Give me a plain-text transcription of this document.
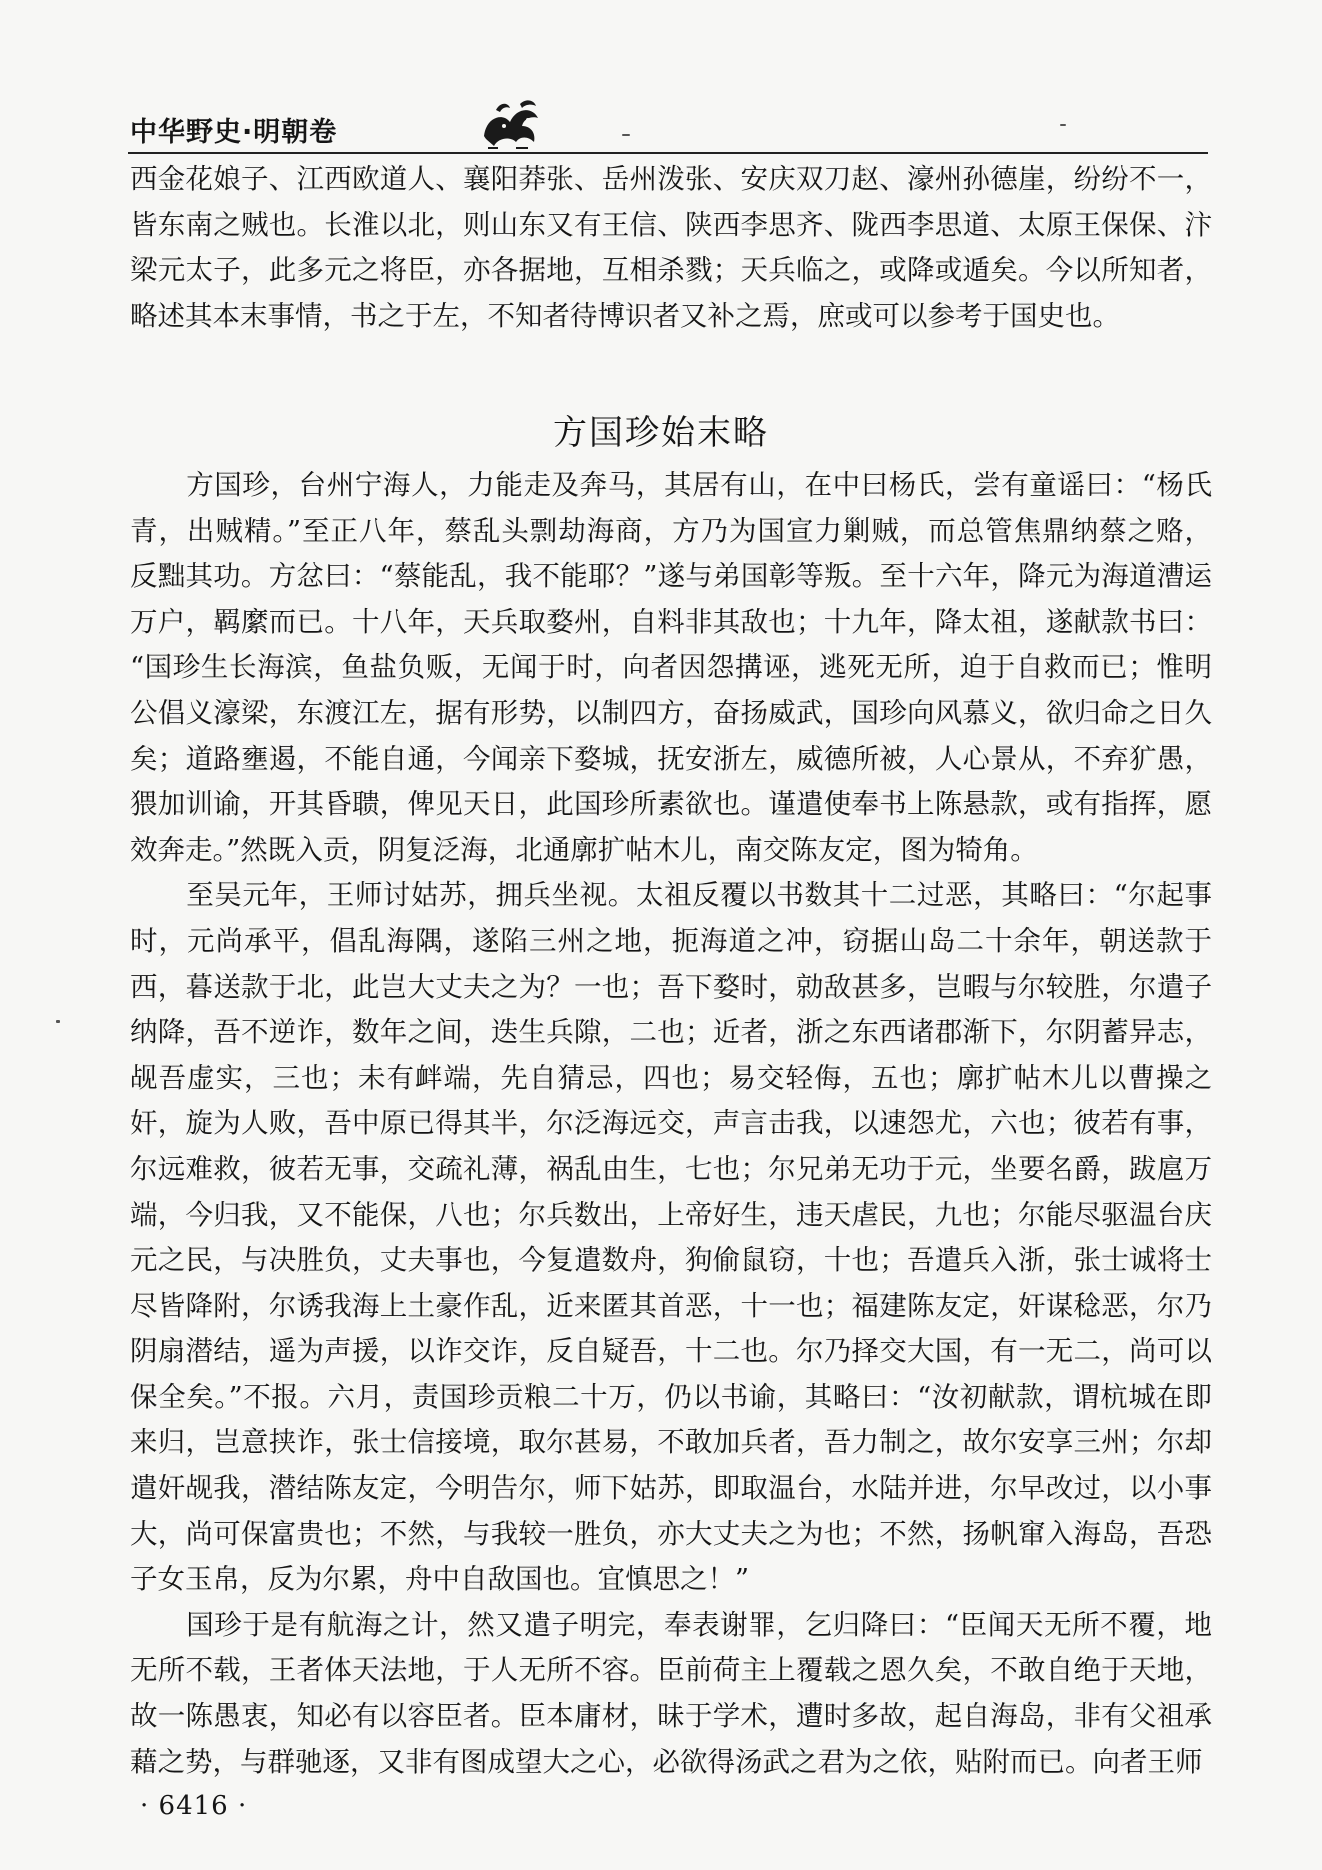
中华野史·明朝卷
西金花娘子、江西欧道人、襄阳莽张、岳州泼张、安庆双刀赵、濠州孙德崖，纷纷不一，
皆东南之贼也。长淮以北，则山东又有王信、陕西李思齐、陇西李思道、太原王保保、汴
梁元太子，此多元之将臣，亦各据地，互相杀戮；天兵临之，或降或遁矣。今以所知者，
略述其本末事情，书之于左，不知者待博识者又补之焉，庶或可以参考于国史也。
方国珍始末略
　　方国珍，台州宁海人，力能走及奔马，其居有山，在中曰杨氏，尝有童谣曰：“杨氏
青，出贼精。”至正八年，蔡乱头剽劫海商，方乃为国宣力剿贼，而总管焦鼎纳蔡之赂，
反黜其功。方忿曰：“蔡能乱，我不能耶？”遂与弟国彰等叛。至十六年，降元为海道漕运
万户，羁縻而已。十八年，天兵取婺州，自料非其敌也；十九年，降太祖，遂献款书曰：
“国珍生长海滨，鱼盐负贩，无闻于时，向者因怨搆诬，逃死无所，迫于自救而已；惟明
公倡义濠梁，东渡江左，据有形势，以制四方，奋扬威武，国珍向风慕义，欲归命之日久
矣；道路壅遏，不能自通，今闻亲下婺城，抚安浙左，威德所被，人心景从，不弃犷愚，
猥加训谕，开其昏聩，俾见天日，此国珍所素欲也。谨遣使奉书上陈悬款，或有指挥，愿
效奔走。”然既入贡，阴复泛海，北通廓扩帖木儿，南交陈友定，图为犄角。
　　至吴元年，王师讨姑苏，拥兵坐视。太祖反覆以书数其十二过恶，其略曰：“尔起事
时，元尚承平，倡乱海隅，遂陷三州之地，扼海道之冲，窃据山岛二十余年，朝送款于
西，暮送款于北，此岂大丈夫之为？一也；吾下婺时，勍敌甚多，岂暇与尔较胜，尔遣子
纳降，吾不逆诈，数年之间，迭生兵隙，二也；近者，浙之东西诸郡渐下，尔阴蓄异志，
觇吾虚实，三也；未有衅端，先自猜忌，四也；易交轻侮，五也；廓扩帖木儿以曹操之
奸，旋为人败，吾中原已得其半，尔泛海远交，声言击我，以速怨尤，六也；彼若有事，
尔远难救，彼若无事，交疏礼薄，祸乱由生，七也；尔兄弟无功于元，坐要名爵，跋扈万
端，今归我，又不能保，八也；尔兵数出，上帝好生，违天虐民，九也；尔能尽驱温台庆
元之民，与决胜负，丈夫事也，今复遣数舟，狗偷鼠窃，十也；吾遣兵入浙，张士诚将士
尽皆降附，尔诱我海上土豪作乱，近来匿其首恶，十一也；福建陈友定，奸谋稔恶，尔乃
阴扇潜结，遥为声援，以诈交诈，反自疑吾，十二也。尔乃择交大国，有一无二，尚可以
保全矣。”不报。六月，责国珍贡粮二十万，仍以书谕，其略曰：“汝初献款，谓杭城在即
来归，岂意挟诈，张士信接境，取尔甚易，不敢加兵者，吾力制之，故尔安享三州；尔却
遣奸觇我，潜结陈友定，今明告尔，师下姑苏，即取温台，水陆并进，尔早改过，以小事
大，尚可保富贵也；不然，与我较一胜负，亦大丈夫之为也；不然，扬帆窜入海岛，吾恐
子女玉帛，反为尔累，舟中自敌国也。宜慎思之！”
　　国珍于是有航海之计，然又遣子明完，奉表谢罪，乞归降曰：“臣闻天无所不覆，地
无所不载，王者体天法地，于人无所不容。臣前荷主上覆载之恩久矣，不敢自绝于天地，
故一陈愚衷，知必有以容臣者。臣本庸材，昧于学术，遭时多故，起自海岛，非有父祖承
藉之势，与群驰逐，又非有图成望大之心，必欲得汤武之君为之依，贴附而已。向者王师
· 6416 ·
